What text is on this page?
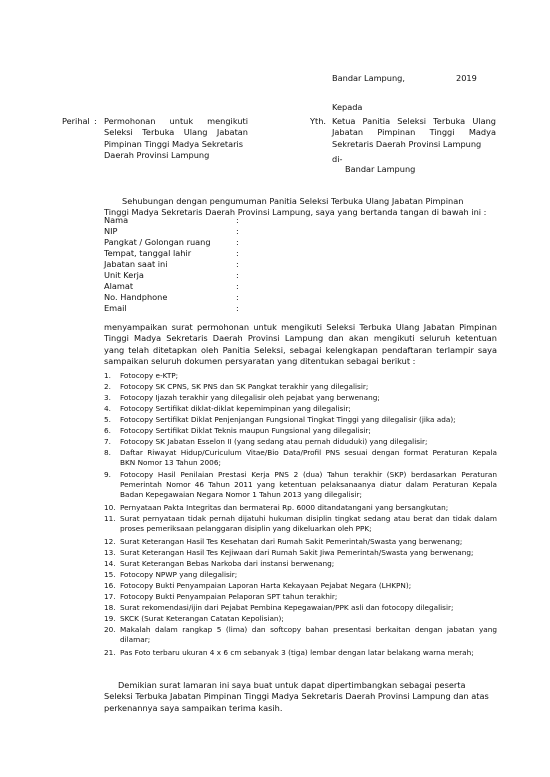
Bandar Lampung,	2019
Kepada
Perihal : Permohonan untuk mengikuti
Seleksi Terbuka Ulang Jabatan
Pimpinan Tinggi Madya Sekretaris
Daerah Provinsi Lampung
Yth. Ketua Panitia Seleksi Terbuka Ulang
Jabatan Pimpinan Tinggi Madya
Sekretaris Daerah Provinsi Lampung
di-
Bandar Lampung
Sehubungan dengan pengumuman Panitia Seleksi Terbuka Ulang Jabatan Pimpinan
Tinggi Madya Sekretaris Daerah Provinsi Lampung, saya yang bertanda tangan di bawah ini :
Nama	:
NIP	:
Pangkat / Golongan ruang	:
Tempat, tanggal lahir	:
Jabatan saat ini	:
Unit Kerja	:
Alamat	:
No. Handphone	:
Email	:
menyampaikan surat permohonan untuk mengikuti Seleksi Terbuka Ulang Jabatan Pimpinan
Tinggi Madya Sekretaris Daerah Provinsi Lampung dan akan mengikuti seluruh ketentuan
yang telah ditetapkan oleh Panitia Seleksi, sebagai kelengkapan pendaftaran terlampir saya
sampaikan seluruh dokumen persyaratan yang ditentukan sebagai berikut :
1.	Fotocopy e-KTP;
2.	Fotocopy SK CPNS, SK PNS dan SK Pangkat terakhir yang dilegalisir;
3.	Fotocopy Ijazah terakhir yang dilegalisir oleh pejabat yang berwenang;
4.	Fotocopy Sertifikat diklat-diklat kepemimpinan yang dilegalisir;
5.	Fotocopy Sertifikat Diklat Penjenjangan Fungsional Tingkat Tinggi yang dilegalisir (jika ada);
6.	Fotocopy Sertifikat Diklat Teknis maupun Fungsional yang dilegalisir;
7.	Fotocopy SK Jabatan Esselon II (yang sedang atau pernah diduduki) yang dilegalisir;
8.	Daftar Riwayat Hidup/Curiculum Vitae/Bio Data/Profil PNS sesuai dengan format Peraturan Kepala
BKN Nomor 13 Tahun 2006;
9.	Fotocopy Hasil Penilaian Prestasi Kerja PNS 2 (dua) Tahun terakhir (SKP) berdasarkan Peraturan
Pemerintah Nomor 46 Tahun 2011 yang ketentuan pelaksanaanya diatur dalam Peraturan Kepala
Badan Kepegawaian Negara Nomor 1 Tahun 2013 yang dilegalisir;
10. Pernyataan Pakta Integritas dan bermaterai Rp. 6000 ditandatangani yang bersangkutan;
11. Surat pernyataan tidak pernah dijatuhi hukuman disiplin tingkat sedang atau berat dan tidak dalam
proses pemeriksaan pelanggaran disiplin yang dikeluarkan oleh PPK;
12. Surat Keterangan Hasil Tes Kesehatan dari Rumah Sakit Pemerintah/Swasta yang berwenang;
13. Surat Keterangan Hasil Tes Kejiwaan dari Rumah Sakit Jiwa Pemerintah/Swasta yang berwenang;
14. Surat Keterangan Bebas Narkoba dari instansi berwenang;
15. Fotocopy NPWP yang dilegalisir;
16. Fotocopy Bukti Penyampaian Laporan Harta Kekayaan Pejabat Negara (LHKPN);
17. Fotocopy Bukti Penyampaian Pelaporan SPT tahun terakhir;
18. Surat rekomendasi/ijin dari Pejabat Pembina Kepegawaian/PPK asli dan fotocopy dilegalisir;
19. SKCK (Surat Keterangan Catatan Kepolisian);
20. Makalah dalam rangkap 5 (lima) dan softcopy bahan presentasi berkaitan dengan jabatan yang
dilamar;
21. Pas Foto terbaru ukuran 4 x 6 cm sebanyak 3 (tiga) lembar dengan latar belakang warna merah;
Demikian surat lamaran ini saya buat untuk dapat dipertimbangkan sebagai peserta
Seleksi Terbuka Jabatan Pimpinan Tinggi Madya Sekretaris Daerah Provinsi Lampung dan atas
perkenannya saya sampaikan terima kasih.
